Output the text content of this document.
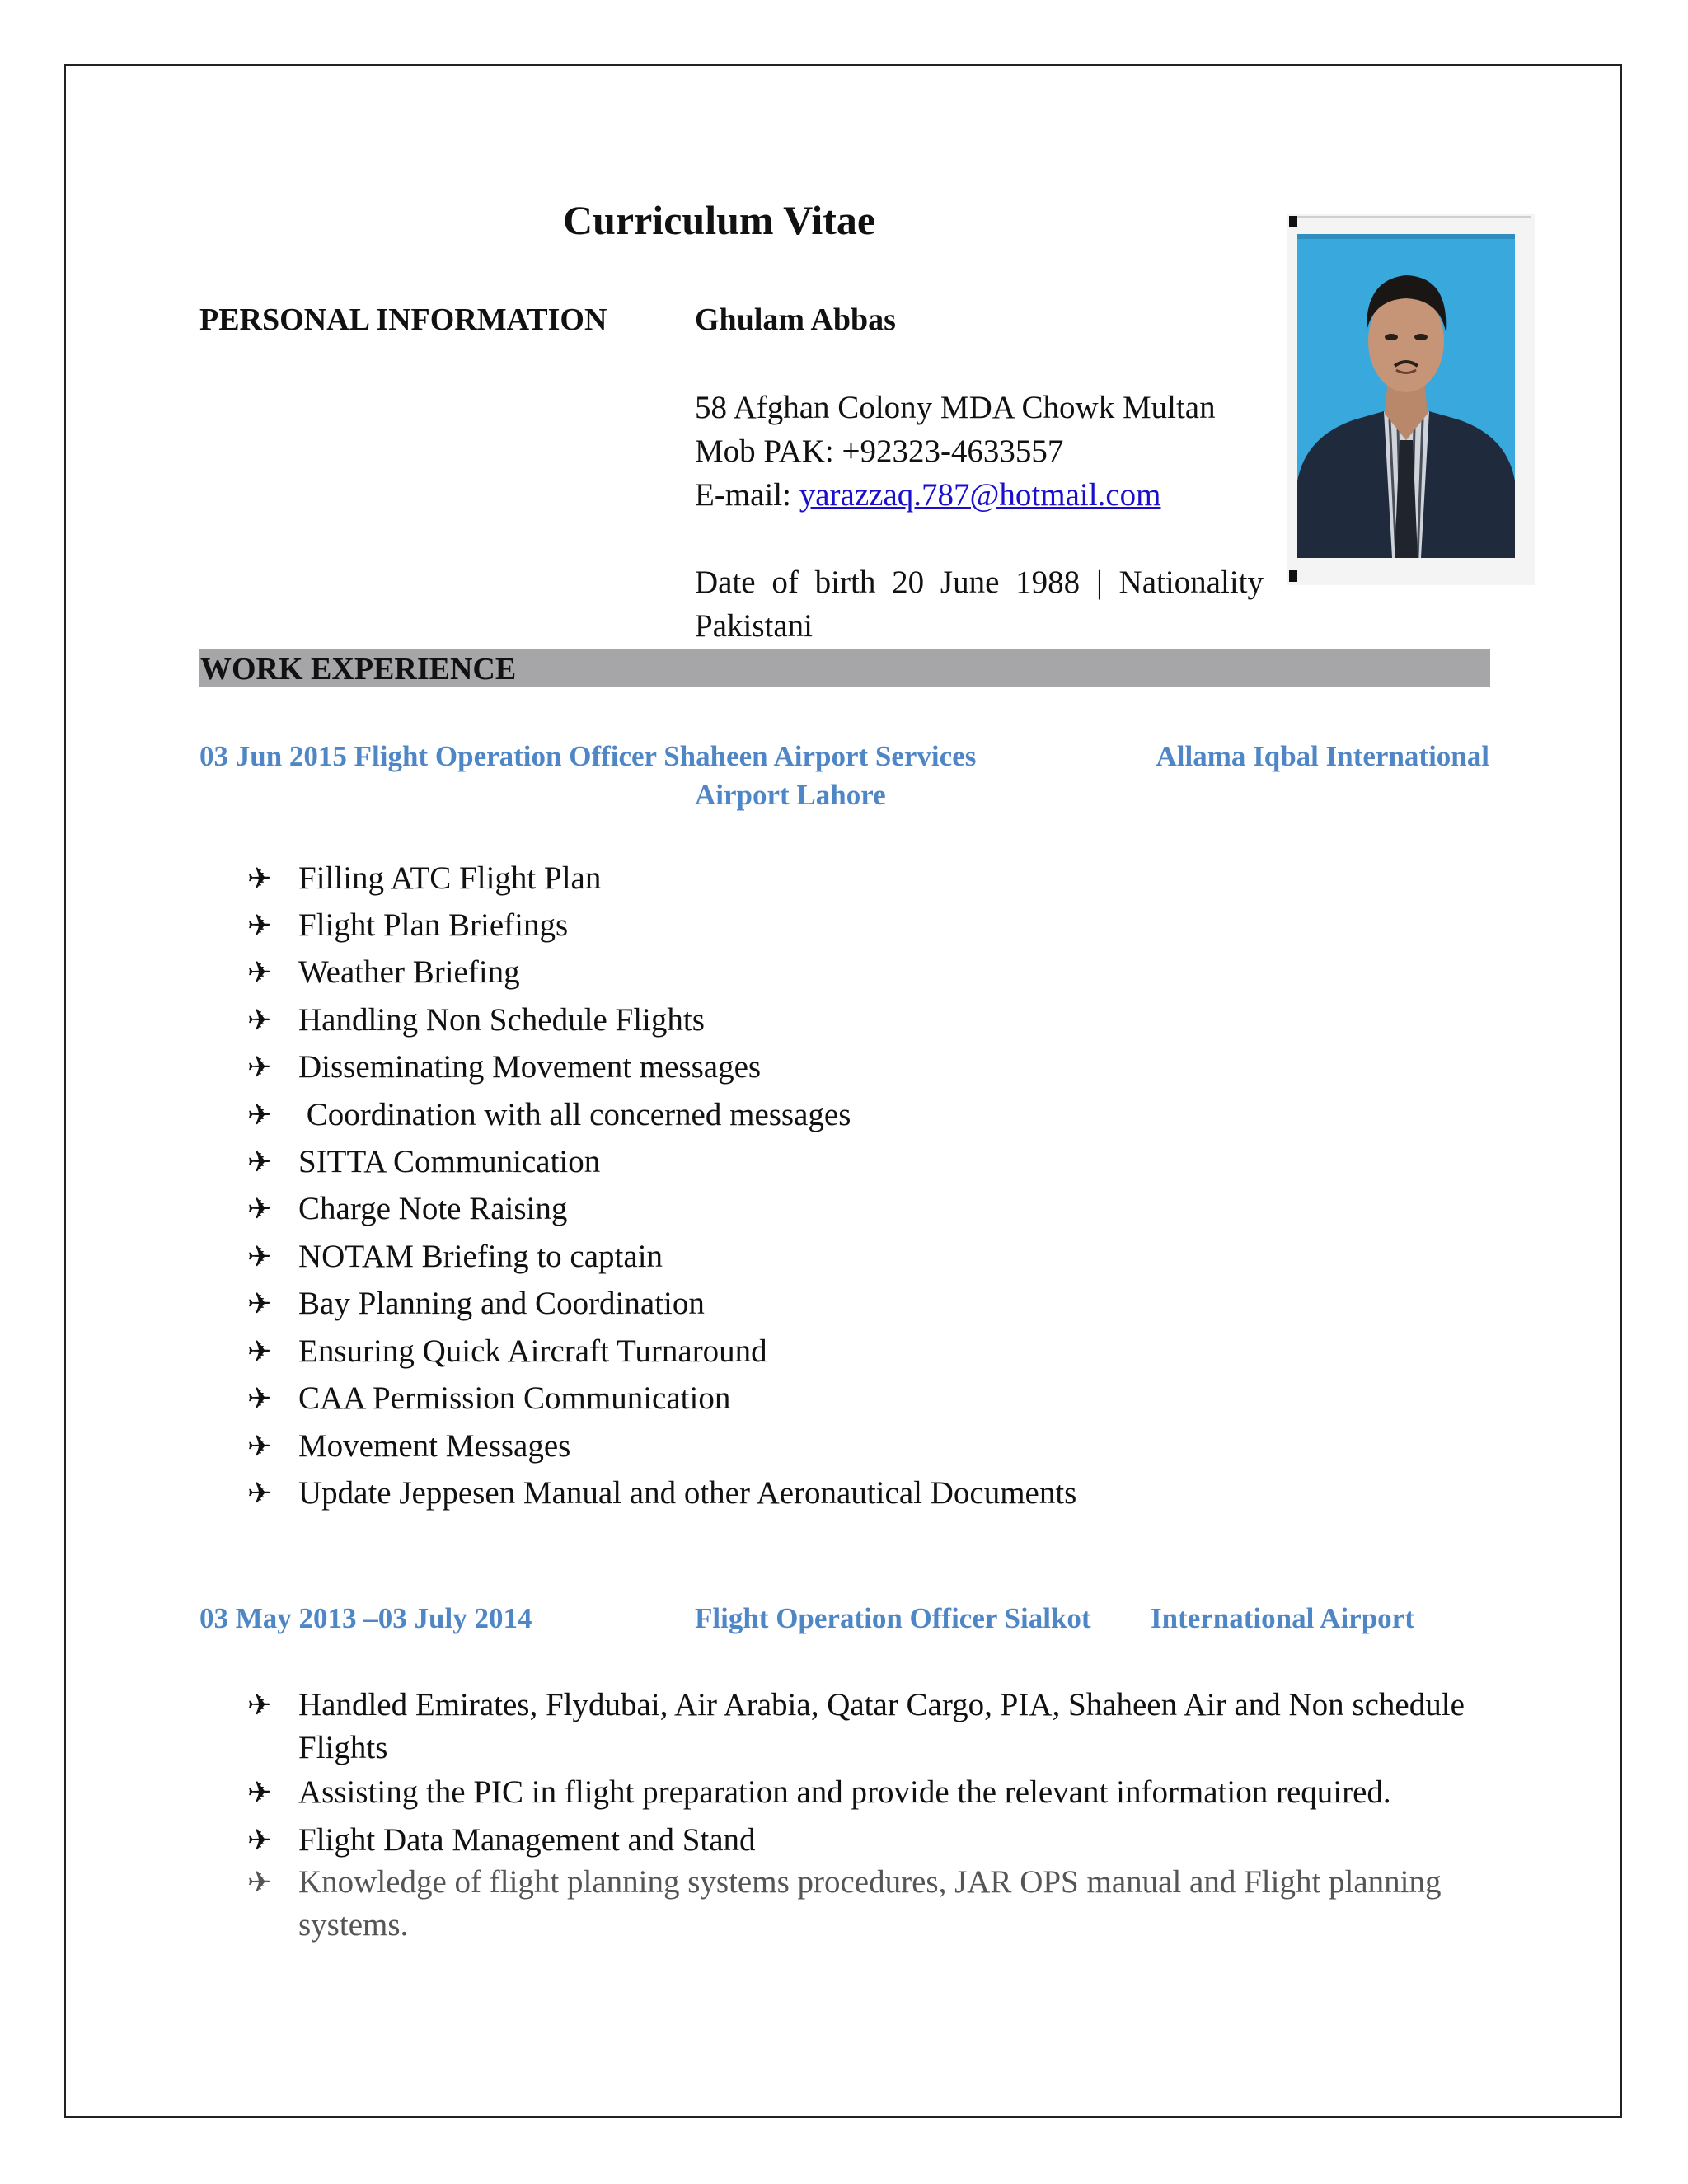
Curriculum Vitae
PERSONAL INFORMATION	Ghulam Abbas
58 Afghan Colony MDA Chowk Multan
Mob PAK: +92323-4633557
E-mail: yarazzaq.787@hotmail.com
Date of birth 20 June 1988 | Nationality Pakistani
WORK EXPERIENCE
03 Jun 2015 Flight Operation Officer Shaheen Airport Services	Allama Iqbal International
Airport Lahore
✈ Filling ATC Flight Plan
✈ Flight Plan Briefings
✈ Weather Briefing
✈ Handling Non Schedule Flights
✈ Disseminating Movement messages
✈ Coordination with all concerned messages
✈ SITTA Communication
✈ Charge Note Raising
✈ NOTAM Briefing to captain
✈ Bay Planning and Coordination
✈ Ensuring Quick Aircraft Turnaround
✈ CAA Permission Communication
✈ Movement Messages
✈ Update Jeppesen Manual and other Aeronautical Documents
03 May 2013 –03 July 2014	Flight Operation Officer Sialkot International Airport
✈ Handled Emirates, Flydubai, Air Arabia, Qatar Cargo, PIA, Shaheen Air and Non schedule Flights
✈ Assisting the PIC in flight preparation and provide the relevant information required.
✈ Flight Data Management and Stand
✈ Knowledge of flight planning systems procedures, JAR OPS manual and Flight planning systems.
